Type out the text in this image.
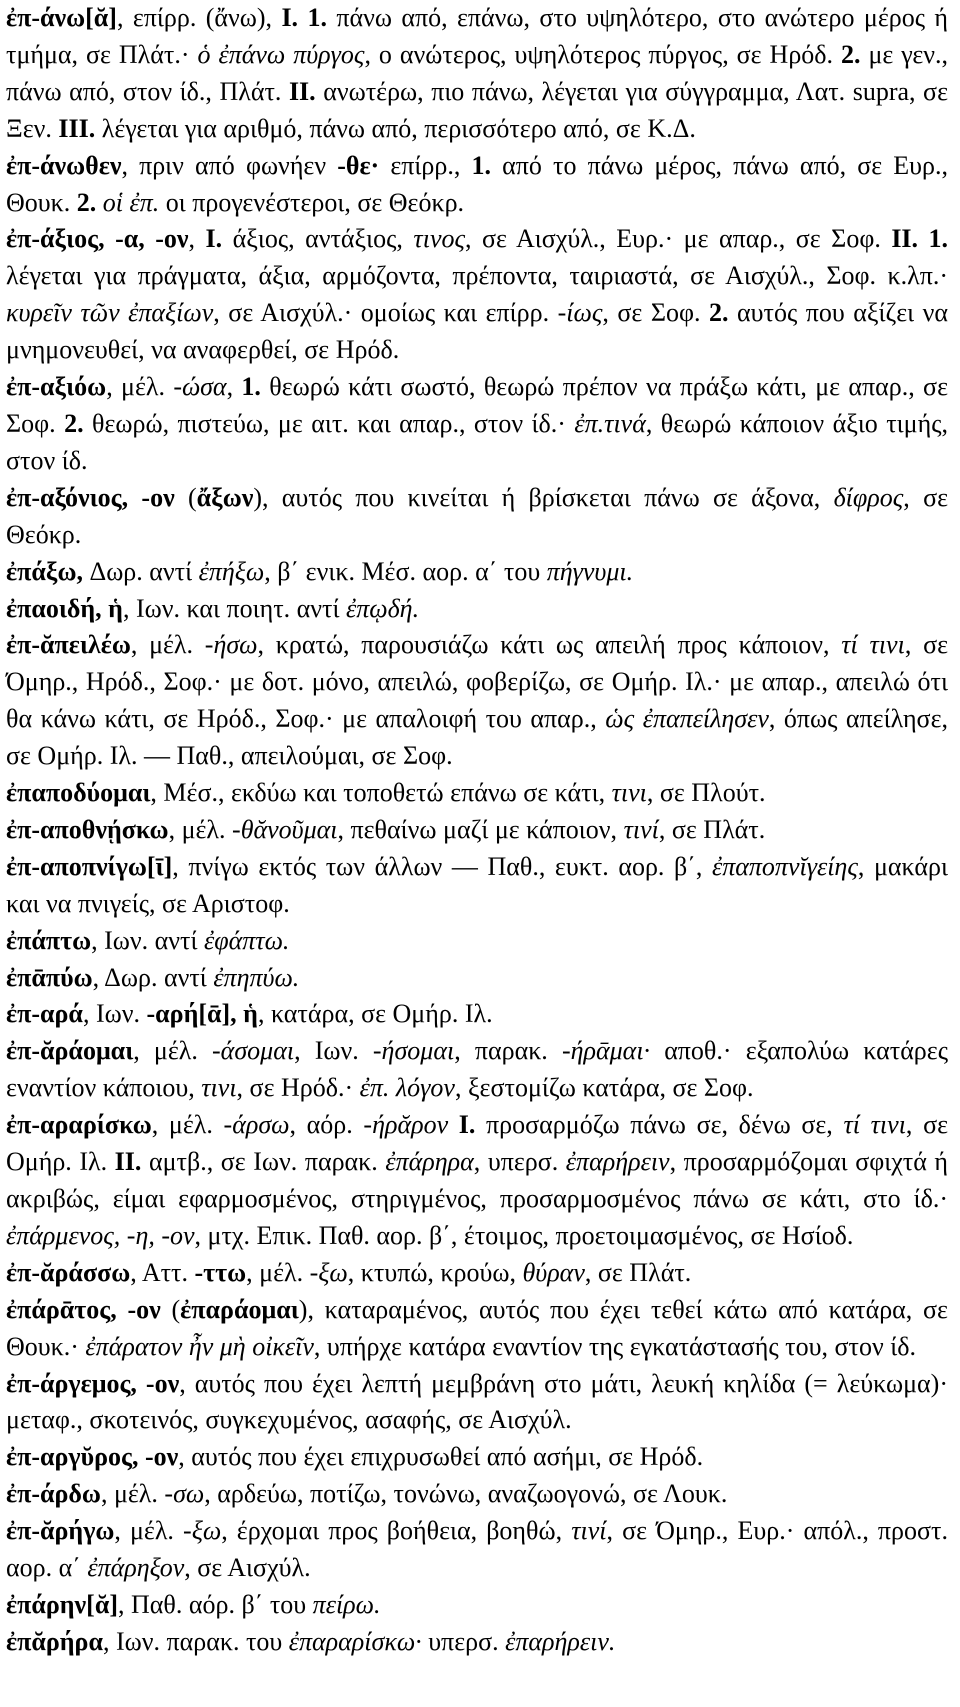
ἐπ-άνω[ᾰ], επίρρ. (ἄνω), I. 1. πάνω από, επάνω, στο υψηλότερο, στο ανώτερο μέρος ή τμήμα, σε Πλάτ.· ὁ ἐπάνω πύργος, ο ανώτερος, υψηλότερος πύργος, σε Ηρόδ. 2. με γεν., πάνω από, στον ίδ., Πλάτ. II. ανωτέρω, πιο πάνω, λέγεται για σύγγραμμα, Λατ. supra, σε Ξεν. III. λέγεται για αριθμό, πάνω από, περισσότερο από, σε Κ.Δ.

ἐπ-άνωθεν, πριν από φωνήεν -θε· επίρρ., 1. από το πάνω μέρος, πάνω από, σε Ευρ., Θουκ. 2. οἱ ἐπ. οι προγενέστεροι, σε Θεόκρ.

ἐπ-άξιος, -α, -ον, I. άξιος, αντάξιος, τινος, σε Αισχύλ., Ευρ.· με απαρ., σε Σοφ. II. 1. λέγεται για πράγματα, άξια, αρμόζοντα, πρέποντα, ταιριαστά, σε Αισχύλ., Σοφ. κ.λπ.· κυρεῖν τῶν ἐπαξίων, σε Αισχύλ.· ομοίως και επίρρ. -ίως, σε Σοφ. 2. αυτός που αξίζει να μνημονευθεί, να αναφερθεί, σε Ηρόδ.

ἐπ-αξιόω, μέλ. -ώσα, 1. θεωρώ κάτι σωστό, θεωρώ πρέπον να πράξω κάτι, με απαρ., σε Σοφ. 2. θεωρώ, πιστεύω, με αιτ. και απαρ., στον ίδ.· ἐπ.τινά, θεωρώ κάποιον άξιο τιμής, στον ίδ.

ἐπ-αξόνιος, -ον (ἄξων), αυτός που κινείται ή βρίσκεται πάνω σε άξονα, δίφρος, σε Θεόκρ.

ἐπάξω, Δωρ. αντί ἐπήξω, β΄ ενικ. Μέσ. αορ. α΄ του πήγνυμι.

ἐπαοιδή, ἡ, Ιων. και ποιητ. αντί ἐπῳδή.

ἐπ-ᾰπειλέω, μέλ. -ήσω, κρατώ, παρουσιάζω κάτι ως απειλή προς κάποιον, τί τινι, σε Όμηρ., Ηρόδ., Σοφ.· με δοτ. μόνο, απειλώ, φοβερίζω, σε Ομήρ. Ιλ.· με απαρ., απειλώ ότι θα κάνω κάτι, σε Ηρόδ., Σοφ.· με απαλοιφή του απαρ., ὡς ἐπαπείλησεν, όπως απείλησε, σε Ομήρ. Ιλ. — Παθ., απειλούμαι, σε Σοφ.

ἐπαποδύομαι, Μέσ., εκδύω και τοποθετώ επάνω σε κάτι, τινι, σε Πλούτ.

ἐπ-αποθνῄσκω, μέλ. -θᾰνοῦμαι, πεθαίνω μαζί με κάποιον, τινί, σε Πλάτ.

ἐπ-αποπνίγω[ῑ], πνίγω εκτός των άλλων — Παθ., ευκτ. αορ. β΄, ἐπαποπνῐγείης, μακάρι και να πνιγείς, σε Αριστοφ.

ἐπάπτω, Ιων. αντί ἐφάπτω.

ἐπᾱπύω, Δωρ. αντί ἐπηπύω.

ἐπ-αρά, Ιων. -αρή[ᾱ], ἡ, κατάρα, σε Ομήρ. Ιλ.

ἐπ-ᾰράομαι, μέλ. -άσομαι, Ιων. -ήσομαι, παρακ. -ήρᾱμαι· αποθ.· εξαπολύω κατάρες εναντίον κάποιου, τινι, σε Ηρόδ.· ἐπ. λόγον, ξεστομίζω κατάρα, σε Σοφ.

ἐπ-αραρίσκω, μέλ. -άρσω, αόρ. -ήρᾰρον I. προσαρμόζω πάνω σε, δένω σε, τί τινι, σε Ομήρ. Ιλ. II. αμτβ., σε Ιων. παρακ. ἐπάρηρα, υπερσ. ἐπαρήρειν, προσαρμόζομαι σφιχτά ή ακριβώς, είμαι εφαρμοσμένος, στηριγμένος, προσαρμοσμένος πάνω σε κάτι, στο ίδ.· ἐπάρμενος, -η, -ον, μτχ. Επικ. Παθ. αορ. β΄, έτοιμος, προετοιμασμένος, σε Ησίοδ.

ἐπ-ᾰράσσω, Αττ. -ττω, μέλ. -ξω, κτυπώ, κρούω, θύραν, σε Πλάτ.

ἐπάρᾱτος, -ον (ἐπαράομαι), καταραμένος, αυτός που έχει τεθεί κάτω από κατάρα, σε Θουκ.· ἐπάρατον ἦν μὴ οἰκεῖν, υπήρχε κατάρα εναντίον της εγκατάστασής του, στον ίδ.

ἐπ-άργεμος, -ον, αυτός που έχει λεπτή μεμβράνη στο μάτι, λευκή κηλίδα (= λεύκωμα)· μεταφ., σκοτεινός, συγκεχυμένος, ασαφής, σε Αισχύλ.

ἐπ-αργῠρος, -ον, αυτός που έχει επιχρυσωθεί από ασήμι, σε Ηρόδ.

ἐπ-άρδω, μέλ. -σω, αρδεύω, ποτίζω, τονώνω, αναζωογονώ, σε Λουκ.

ἐπ-ᾰρήγω, μέλ. -ξω, έρχομαι προς βοήθεια, βοηθώ, τινί, σε Όμηρ., Ευρ.· απόλ., προστ. αορ. α΄ ἐπάρηξον, σε Αισχύλ.

ἐπάρην[ᾰ], Παθ. αόρ. β΄ του πείρω.

ἐπᾰρήρα, Ιων. παρακ. του ἐπαραρίσκω· υπερσ. ἐπαρήρειν.
